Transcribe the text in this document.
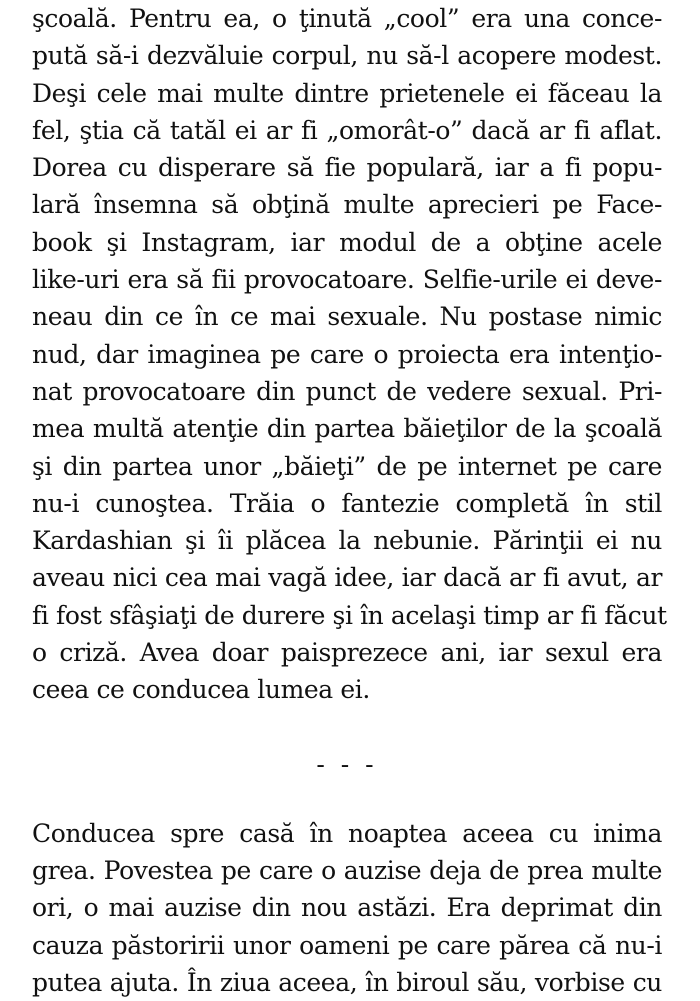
şcoală. Pentru ea, o ţinută „cool” era una conce-
pută să-i dezvăluie corpul, nu să-l acopere modest.
Deşi cele mai multe dintre prietenele ei făceau la
fel, ştia că tatăl ei ar fi „omorât-o” dacă ar fi aflat.
Dorea cu disperare să fie populară, iar a fi popu-
lară însemna să obţină multe aprecieri pe Face-
book şi Instagram, iar modul de a obţine acele
like-uri era să fii provocatoare. Selfie-urile ei deve-
neau din ce în ce mai sexuale. Nu postase nimic
nud, dar imaginea pe care o proiecta era intenţio-
nat provocatoare din punct de vedere sexual. Pri-
mea multă atenţie din partea băieţilor de la şcoală
şi din partea unor „băieţi” de pe internet pe care
nu-i cunoştea. Trăia o fantezie completă în stil
Kardashian şi îi plăcea la nebunie. Părinţii ei nu
aveau nici cea mai vagă idee, iar dacă ar fi avut, ar
fi fost sfâşiaţi de durere şi în acelaşi timp ar fi făcut
o criză. Avea doar paisprezece ani, iar sexul era
ceea ce conducea lumea ei.
- - -
Conducea spre casă în noaptea aceea cu inima
grea. Povestea pe care o auzise deja de prea multe
ori, o mai auzise din nou astăzi. Era deprimat din
cauza păstoririi unor oameni pe care părea că nu-i
putea ajuta. În ziua aceea, în biroul său, vorbise cu
